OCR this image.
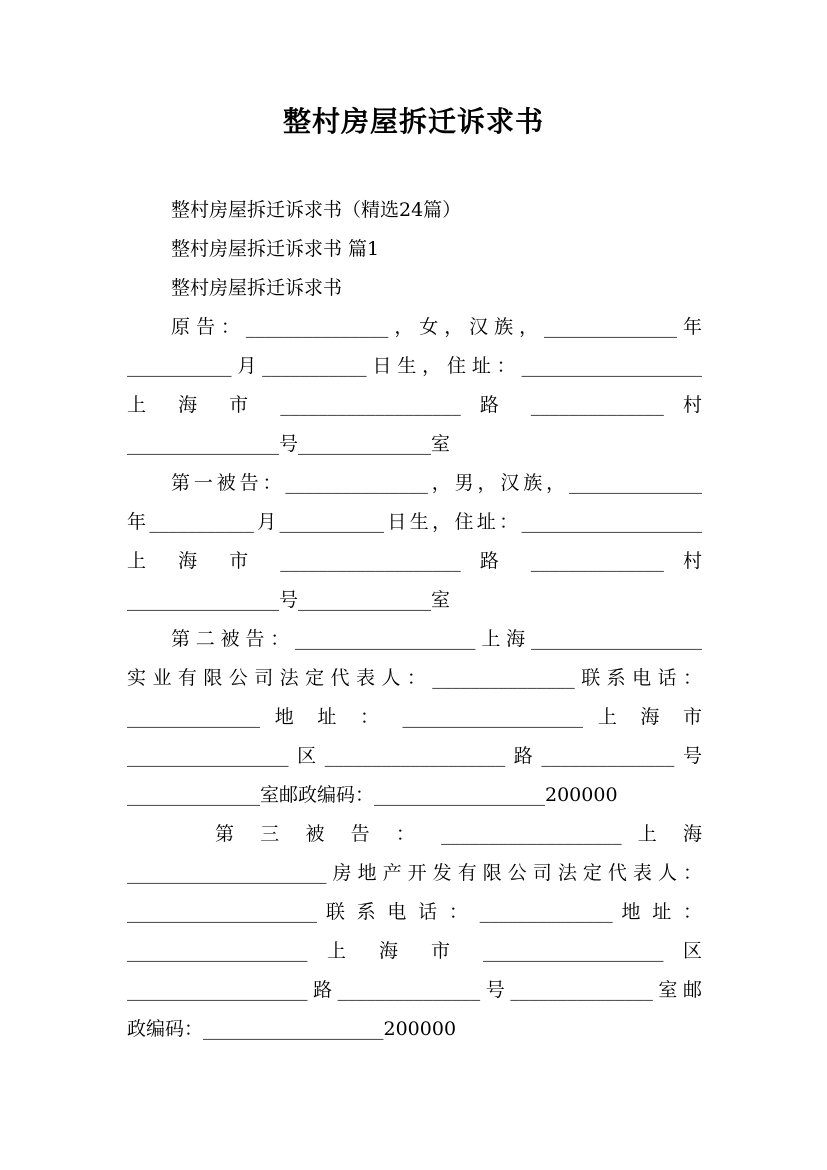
整村房屋拆迁诉求书
整村房屋拆迁诉求书（精选24篇）
整村房屋拆迁诉求书 篇1
整村房屋拆迁诉求书
原告：_______________，女，汉族，______________年
___________月___________日生，住址：___________________
上 海 市 ___________________ 路 ______________ 村
________________号______________室
第一被告：_______________，男，汉族，______________
年___________月___________日生，住址：___________________
上 海 市 ___________________ 路 ______________ 村
________________号______________室
第二被告：___________________上海__________________
实业有限公司法定代表人：_______________联系电话：
______________ 地 址 ： ___________________ 上 海 市
_________________区___________________路______________号
______________室邮政编码：__________________200000
第 三 被 告 ： ___________________ 上 海
_____________________房地产开发有限公司法定代表人：
____________________ 联 系 电 话 ： ______________ 地 址 ：
___________________ 上 海 市 ___________________ 区
___________________路_______________号_______________室邮
政编码：___________________200000
